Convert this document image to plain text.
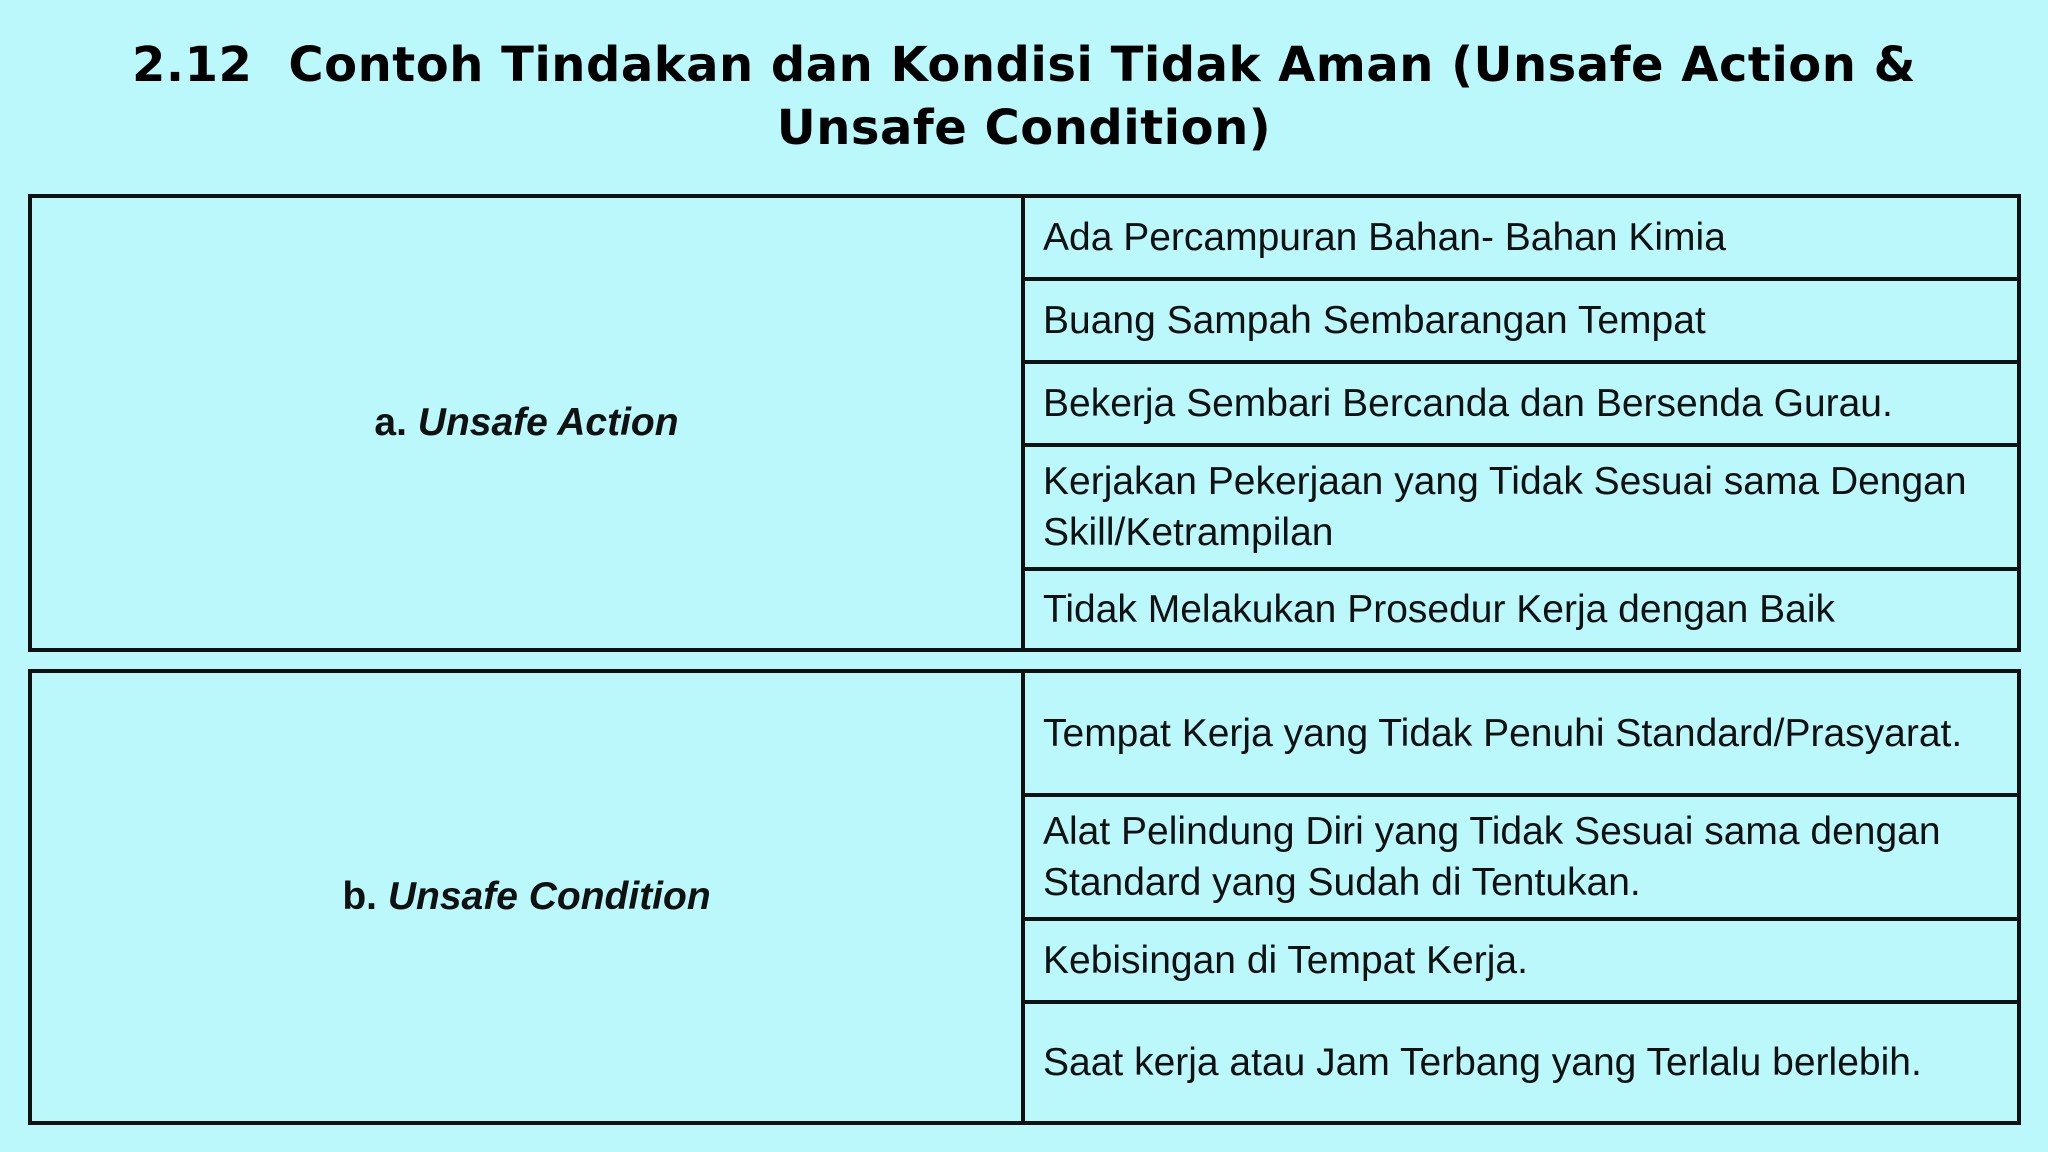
2.12 Contoh Tindakan dan Kondisi Tidak Aman (Unsafe Action & Unsafe Condition)
a.
Unsafe Action
Ada Percampuran Bahan- Bahan Kimia
Buang Sampah Sembarangan Tempat
Bekerja Sembari Bercanda dan Bersenda Gurau.
Kerjakan Pekerjaan yang Tidak Sesuai sama Dengan Skill/Ketrampilan
Tidak Melakukan Prosedur Kerja dengan Baik
b.
Unsafe Condition
Tempat Kerja yang Tidak Penuhi Standard/Prasyarat.
Alat Pelindung Diri yang Tidak Sesuai sama dengan Standard yang Sudah di Tentukan.
Kebisingan di Tempat Kerja.
Saat kerja atau Jam Terbang yang Terlalu berlebih.
